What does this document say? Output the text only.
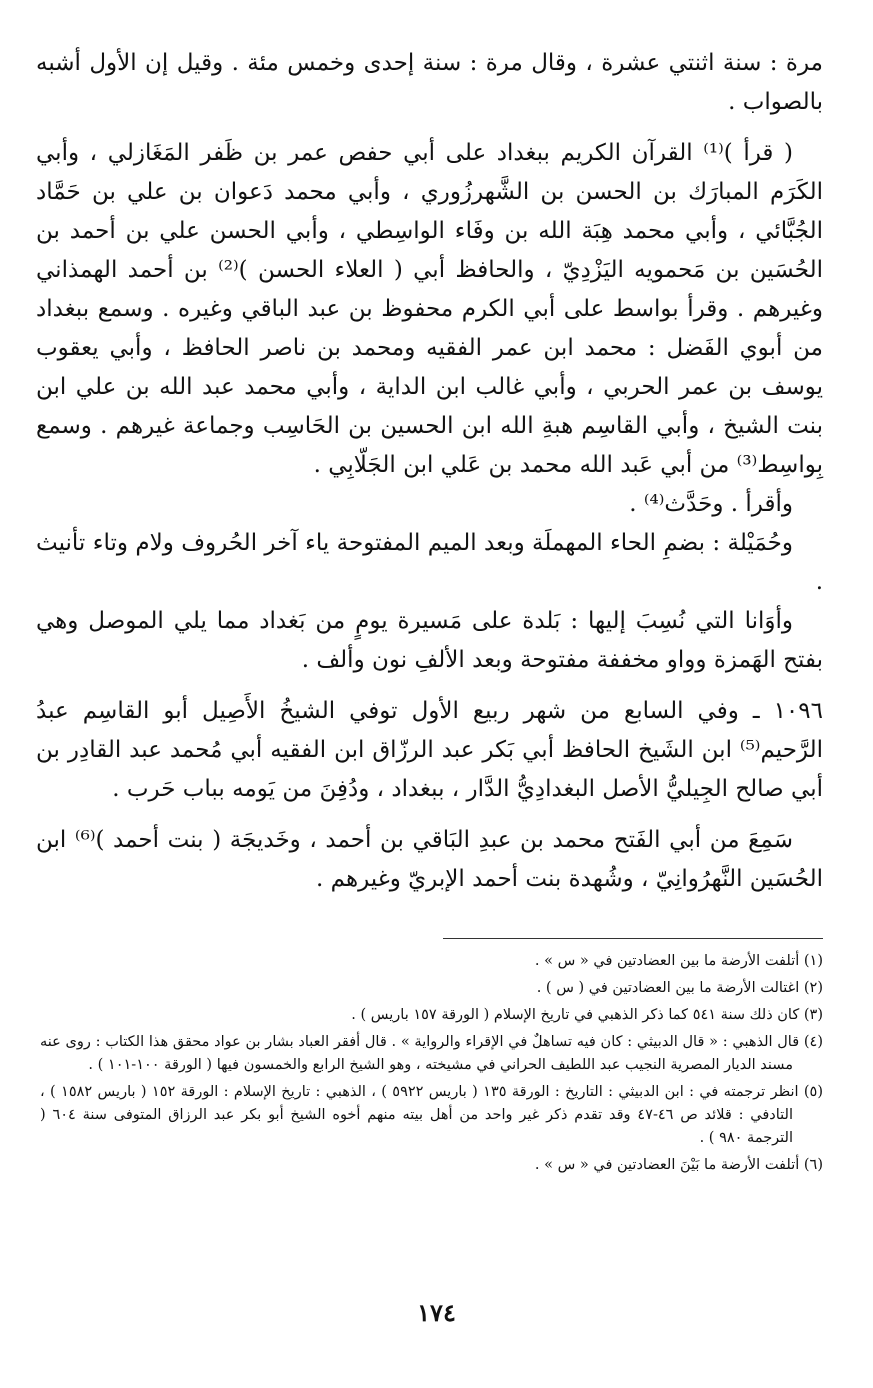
مرة : سنة اثنتي عشرة ، وقال مرة : سنة إحدى وخمس مئة . وقيل إن الأول أشبه بالصواب .

( قرأ )⁽¹⁾ القرآن الكريم ببغداد على أبي حفص عمر بن ظَفر المَغَازلي ، وأبي الكَرَم المبارَك بن الحسن بن الشَّهرزُوري ، وأبي محمد دَعوان بن علي بن حَمَّاد الجُبَّائي ، وأبي محمد هِبَة الله بن وفَاء الواسِطي ، وأبي الحسن علي بن أحمد بن الحُسَين بن مَحمويه اليَزْدِيّ ، والحافظ أبي ( العلاء الحسن )⁽²⁾ بن أحمد الهمذاني وغيرهم . وقرأ بواسط على أبي الكرم محفوظ بن عبد الباقي وغيره . وسمع ببغداد من أبوي الفَضل : محمد ابن عمر الفقيه ومحمد بن ناصر الحافظ ، وأبي يعقوب يوسف بن عمر الحربي ، وأبي غالب ابن الداية ، وأبي محمد عبد الله بن علي ابن بنت الشيخ ، وأبي القاسِم هبةِ الله ابن الحسين بن الحَاسِب وجماعة غيرهم . وسمع بِواسِط⁽³⁾ من أبي عَبد الله محمد بن عَلي ابن الجَلّابِي .

وأقرأ . وحَدَّث⁽⁴⁾ .

وحُمَيْلة : بضمِ الحاء المهملَة وبعد الميم المفتوحة ياء آخر الحُروف ولام وتاء تأنيث .

وأوَانا التي نُسِبَ إليها : بَلدة على مَسيرة يومٍ من بَغداد مما يلي الموصل وهي بفتح الهَمزة وواو مخففة مفتوحة وبعد الألفِ نون وألف .

١٠٩٦ ـ وفي السابع من شهر ربيع الأول توفي الشيخُ الأَصِيل أبو القاسِم عبدُ الرَّحيم⁽⁵⁾ ابن الشَيخ الحافظ أبي بَكر عبد الرزّاق ابن الفقيه أبي مُحمد عبد القادِر بن أبي صالح الجِيليُّ الأصل البغدادِيُّ الدَّار ، ببغداد ، ودُفِنَ من يَومه بباب حَرب .

سَمِعَ من أبي الفَتح محمد بن عبدِ البَاقي بن أحمد ، وخَديجَة ( بنت أحمد )⁽⁶⁾ ابن الحُسَين النَّهرُوانِيّ ، وشُهدة بنت أحمد الإبريّ وغيرهم .

(١) أتلفت الأرضة ما بين العضادتين في « س » .

(٢) اغتالت الأرضة ما بين العضادتين في ( س ) .

(٣) كان ذلك سنة ٥٤١ كما ذكر الذهبي في تاريخ الإسلام ( الورقة ١٥٧ باريس ) .

(٤) قال الذهبي : « قال الدبيثي : كان فيه تساهلٌ في الإقراء والرواية » . قال أفقر العباد بشار بن عواد محقق هذا الكتاب : روى عنه مسند الديار المصرية النجيب عبد اللطيف الحراني في مشيخته ، وهو الشيخ الرابع والخمسون فيها ( الورقة ١٠٠-١٠١ ) .

(٥) انظر ترجمته في : ابن الدبيثي : التاريخ : الورقة ١٣٥ ( باريس ٥٩٢٢ ) ، الذهبي : تاريخ الإسلام : الورقة ١٥٢ ( باريس ١٥٨٢ ) ، التادفي : قلائد ص ٤٦-٤٧ وقد تقدم ذكر غير واحد من أهل بيته منهم أخوه الشيخ أبو بكر عبد الرزاق المتوفى سنة ٦٠٤ ( الترجمة ٩٨٠ ) .

(٦) أتلفت الأرضة ما بَيْنَ العضادتين في « س » .

١٧٤
